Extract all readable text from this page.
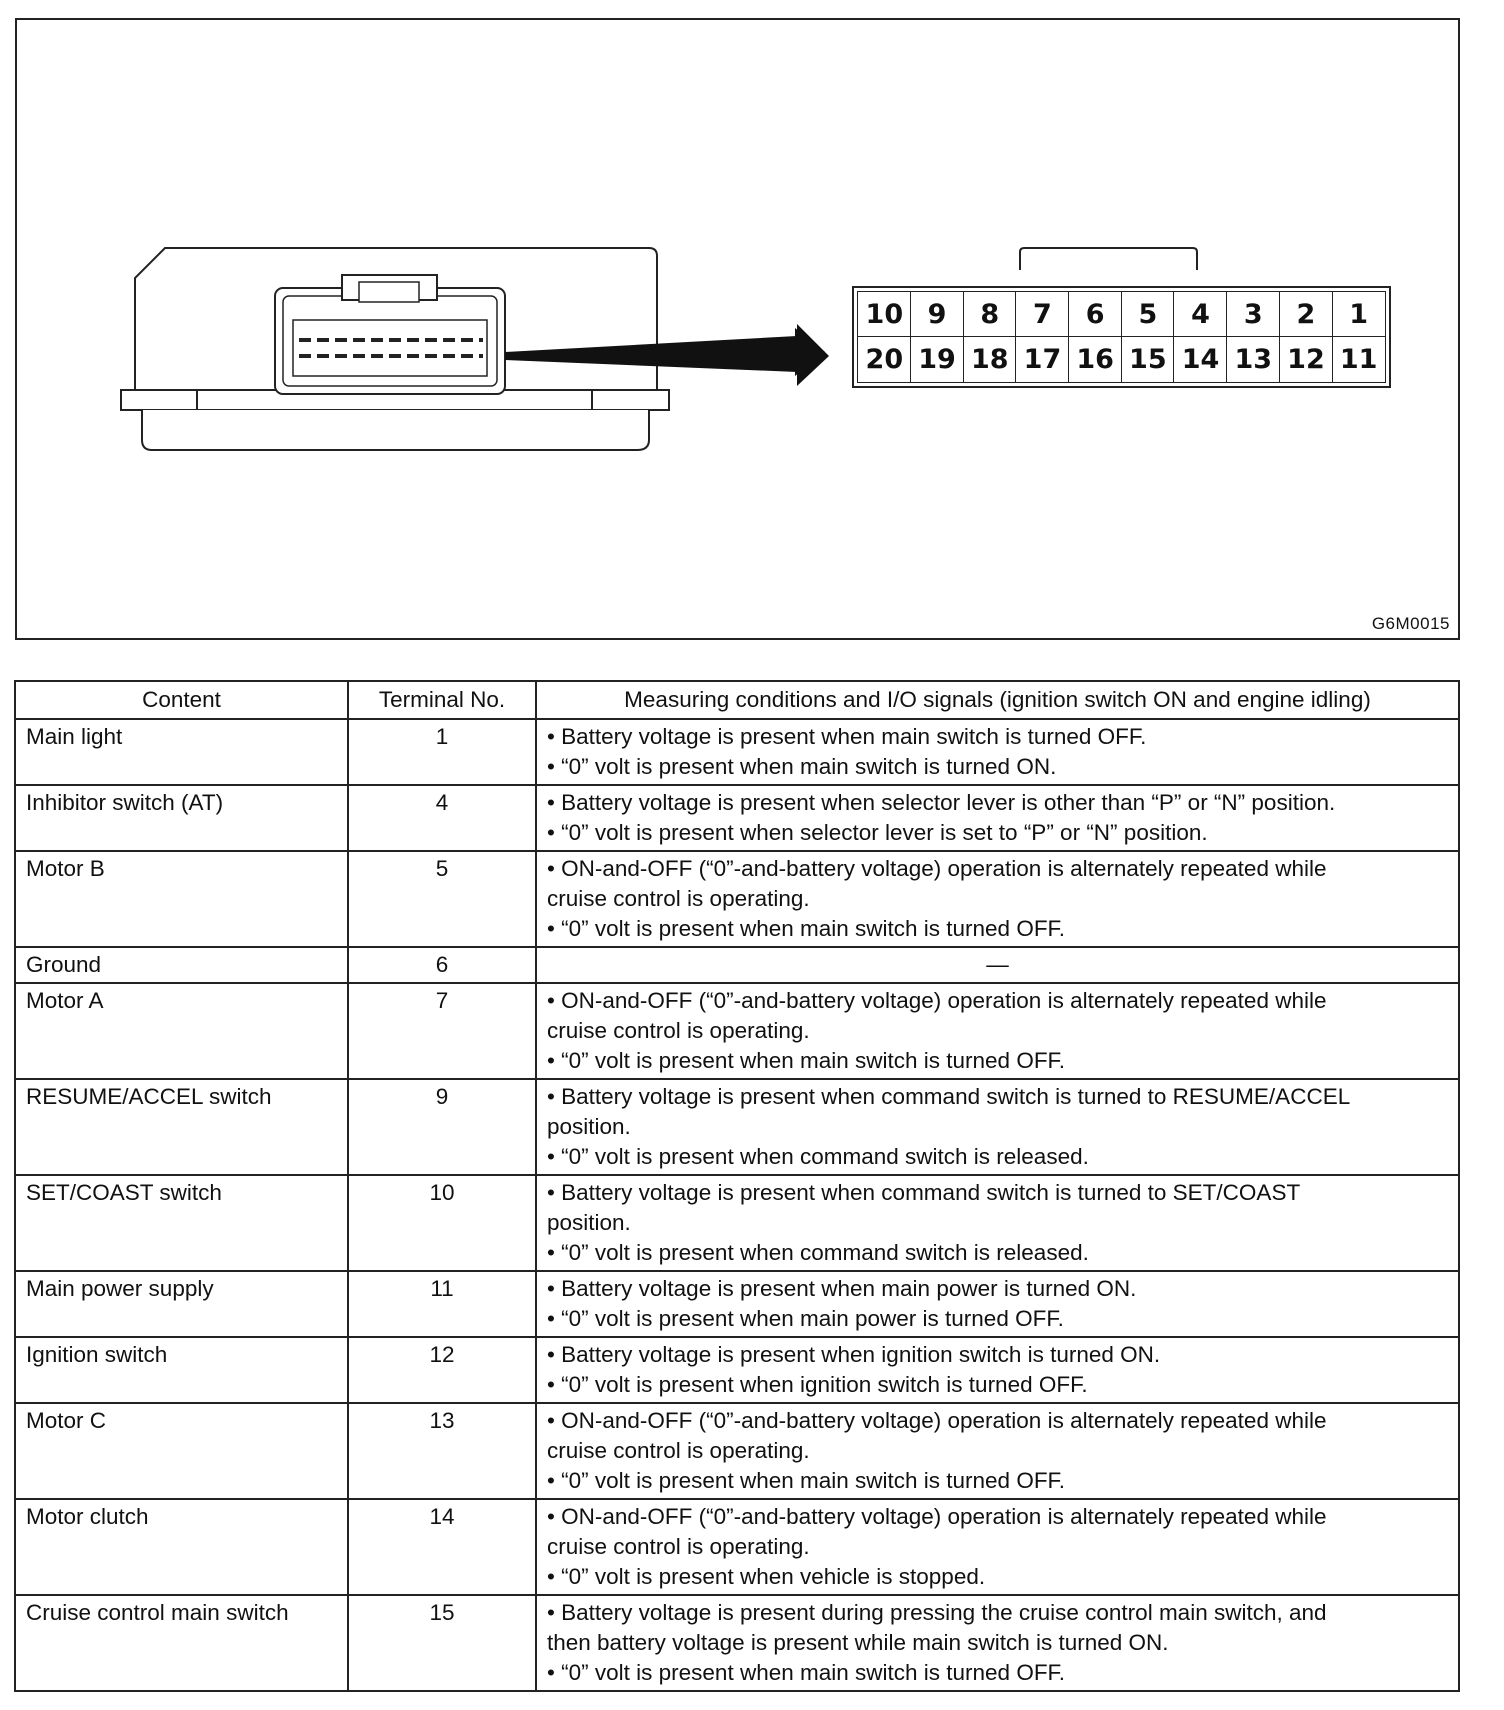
10 9	8	7	6	5	4	3	2	1
20 19 18 17 16 15 14 13 12 11
G6M0015
Content	Terminal No.	Measuring conditions and I/O signals (ignition switch ON and engine idling)
Main light	1	• Battery voltage is present when main switch is turned OFF.
• “0” volt is present when main switch is turned ON.

Inhibitor switch (AT)	4	• Battery voltage is present when selector lever is other than “P” or “N” position.
• “0” volt is present when selector lever is set to “P” or “N” position.

Motor B	5	• ON-and-OFF (“0”-and-battery voltage) operation is alternately repeated while
cruise control is operating.
• “0” volt is present when main switch is turned OFF.

Ground	6	—

Motor A	7	• ON-and-OFF (“0”-and-battery voltage) operation is alternately repeated while
cruise control is operating.
• “0” volt is present when main switch is turned OFF.

RESUME/ACCEL switch	9	• Battery voltage is present when command switch is turned to RESUME/ACCEL
position.
• “0” volt is present when command switch is released.

SET/COAST switch	10	• Battery voltage is present when command switch is turned to SET/COAST
position.
• “0” volt is present when command switch is released.

Main power supply	11	• Battery voltage is present when main power is turned ON.
• “0” volt is present when main power is turned OFF.

Ignition switch	12	• Battery voltage is present when ignition switch is turned ON.
• “0” volt is present when ignition switch is turned OFF.

Motor C	13	• ON-and-OFF (“0”-and-battery voltage) operation is alternately repeated while
cruise control is operating.
• “0” volt is present when main switch is turned OFF.

Motor clutch	14	• ON-and-OFF (“0”-and-battery voltage) operation is alternately repeated while
cruise control is operating.
• “0” volt is present when vehicle is stopped.

Cruise control main switch	15	• Battery voltage is present during pressing the cruise control main switch, and
then battery voltage is present while main switch is turned ON.
• “0” volt is present when main switch is turned OFF.
